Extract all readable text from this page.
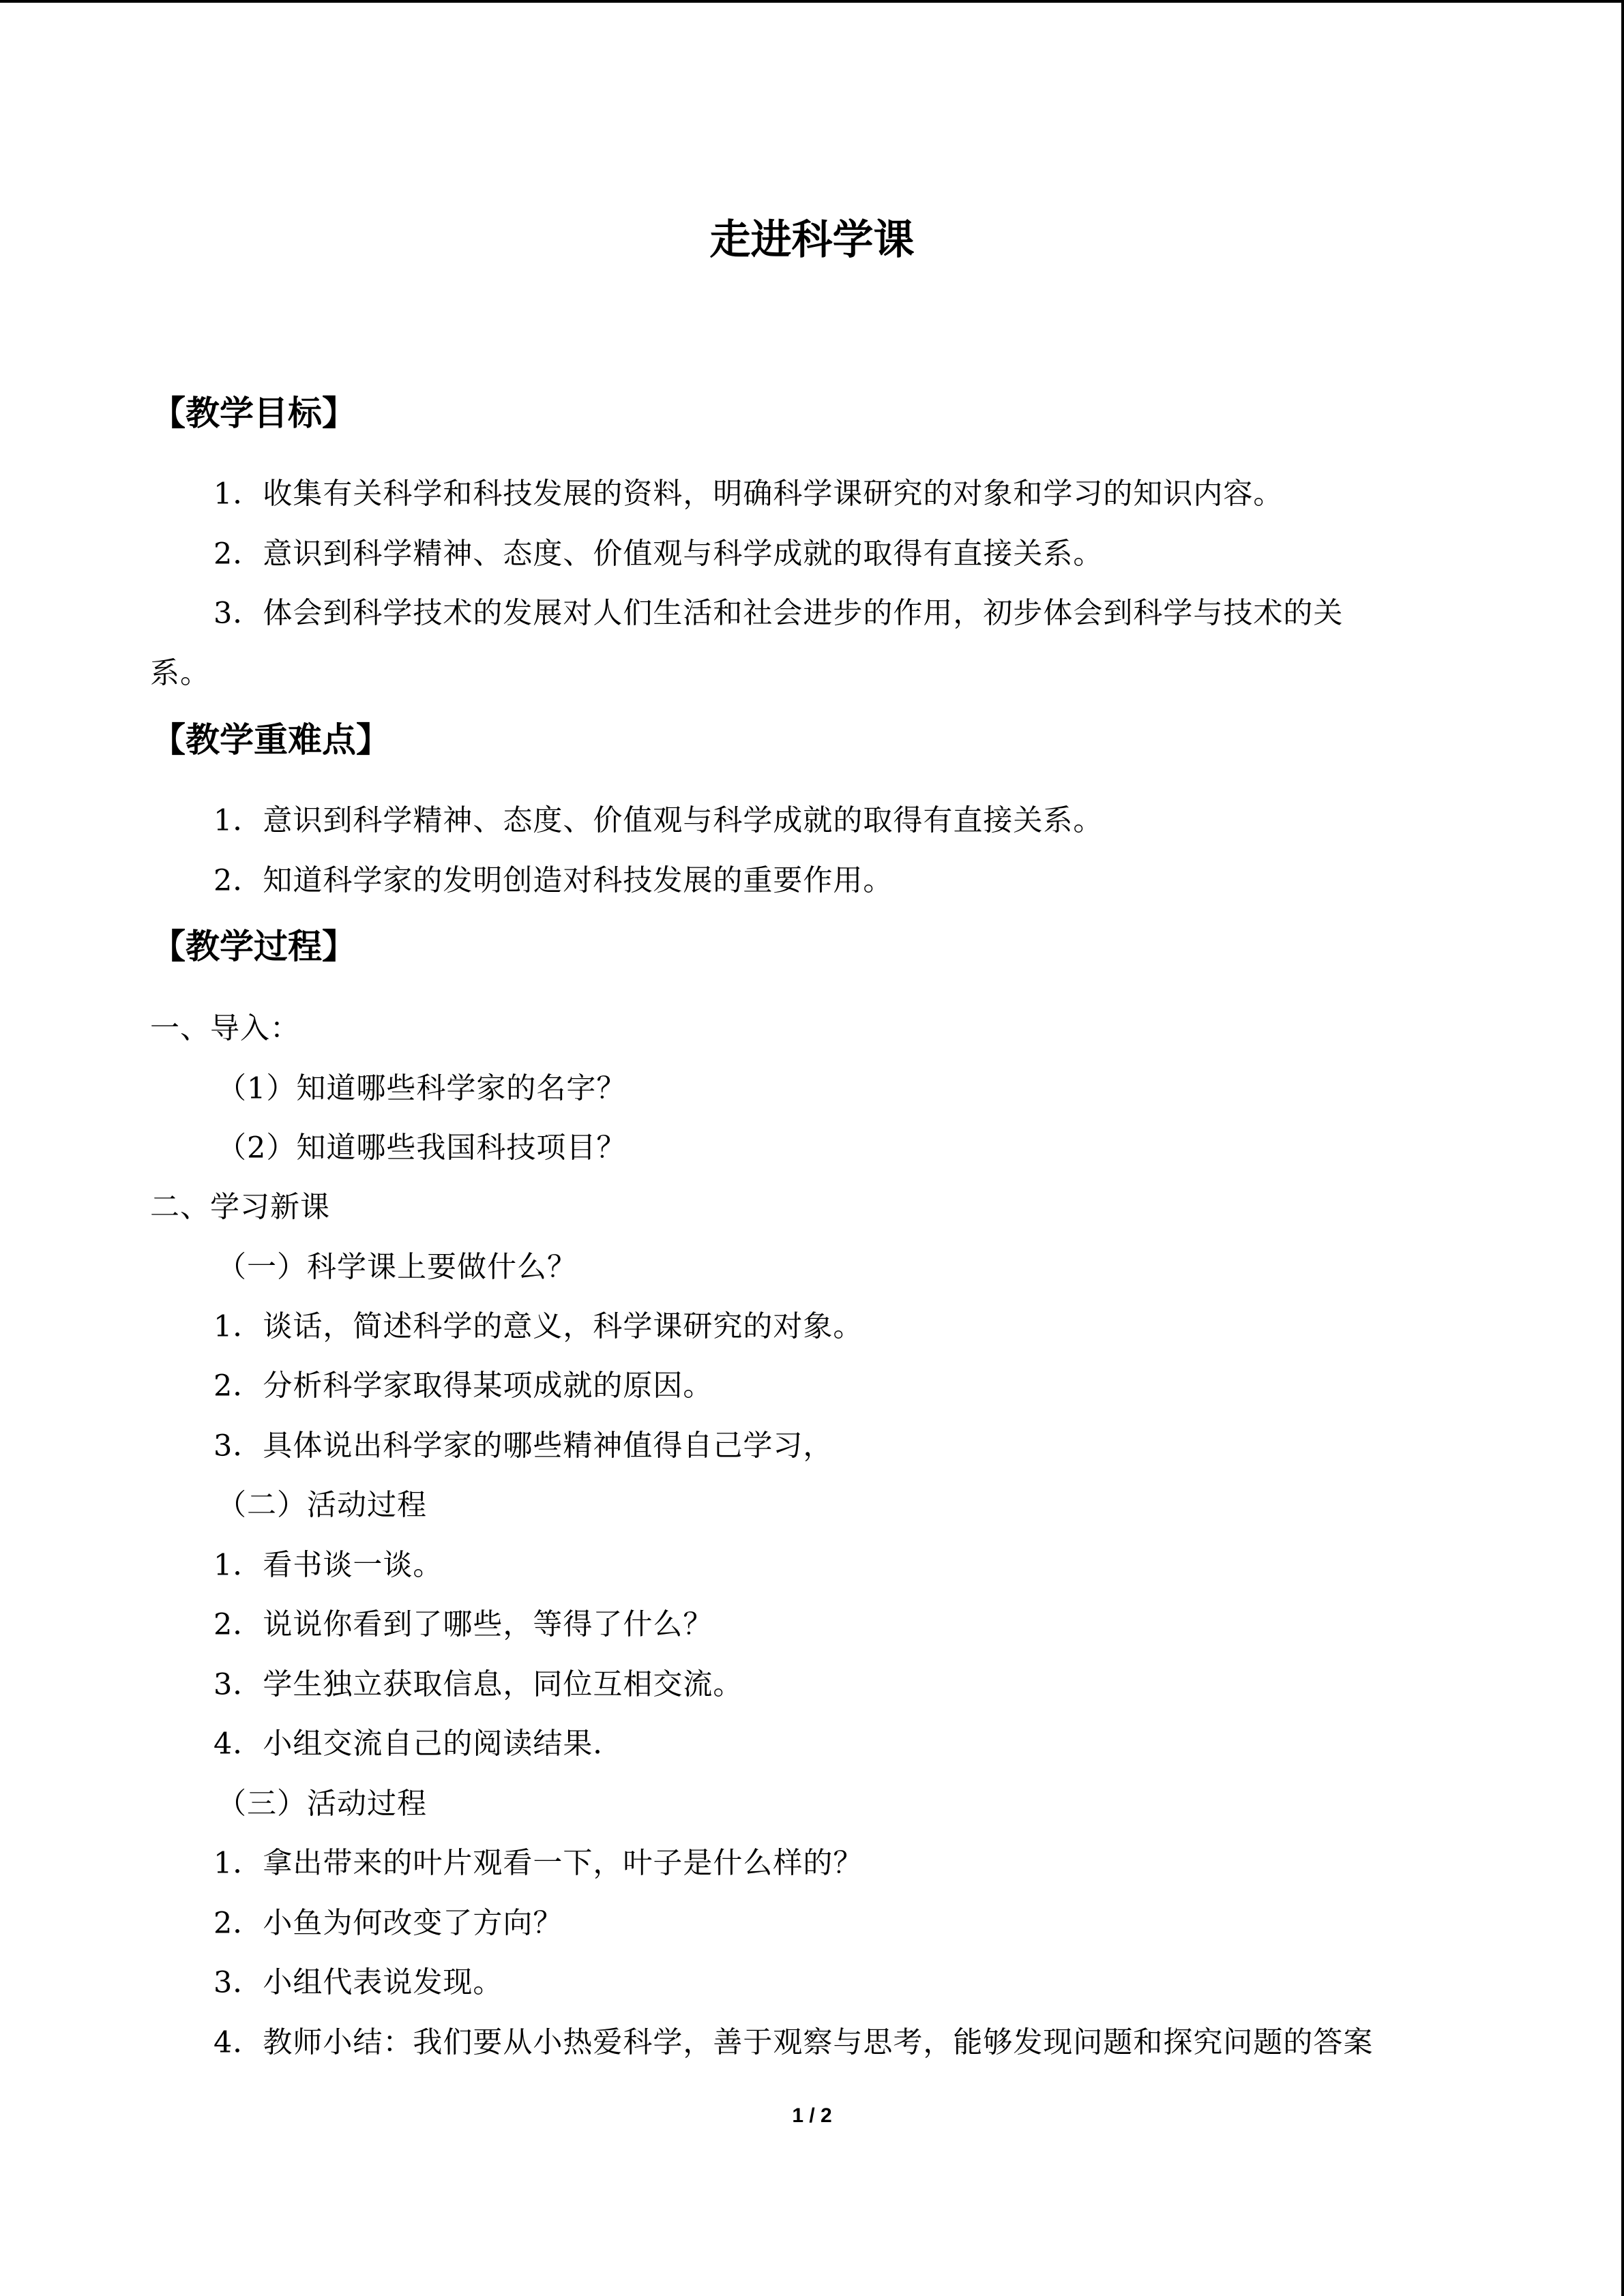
走进科学课
【教学目标】
1．收集有关科学和科技发展的资料，明确科学课研究的对象和学习的知识内容。
2．意识到科学精神、态度、价值观与科学成就的取得有直接关系。
3．体会到科学技术的发展对人们生活和社会进步的作用，初步体会到科学与技术的关
系。
【教学重难点】
1．意识到科学精神、态度、价值观与科学成就的取得有直接关系。
2．知道科学家的发明创造对科技发展的重要作用。
【教学过程】
一、导入：
（1）知道哪些科学家的名字？
（2）知道哪些我国科技项目？
二、学习新课
（一）科学课上要做什么？
1．谈话，简述科学的意义，科学课研究的对象。
2．分析科学家取得某项成就的原因。
3．具体说出科学家的哪些精神值得自己学习，
（二）活动过程
1．看书谈一谈。
2．说说你看到了哪些，等得了什么？
3．学生独立获取信息，同位互相交流。
4．小组交流自己的阅读结果．
（三）活动过程
1．拿出带来的叶片观看一下，叶子是什么样的？
2．小鱼为何改变了方向？
3．小组代表说发现。
4．教师小结：我们要从小热爱科学，善于观察与思考，能够发现问题和探究问题的答案
1 / 2
